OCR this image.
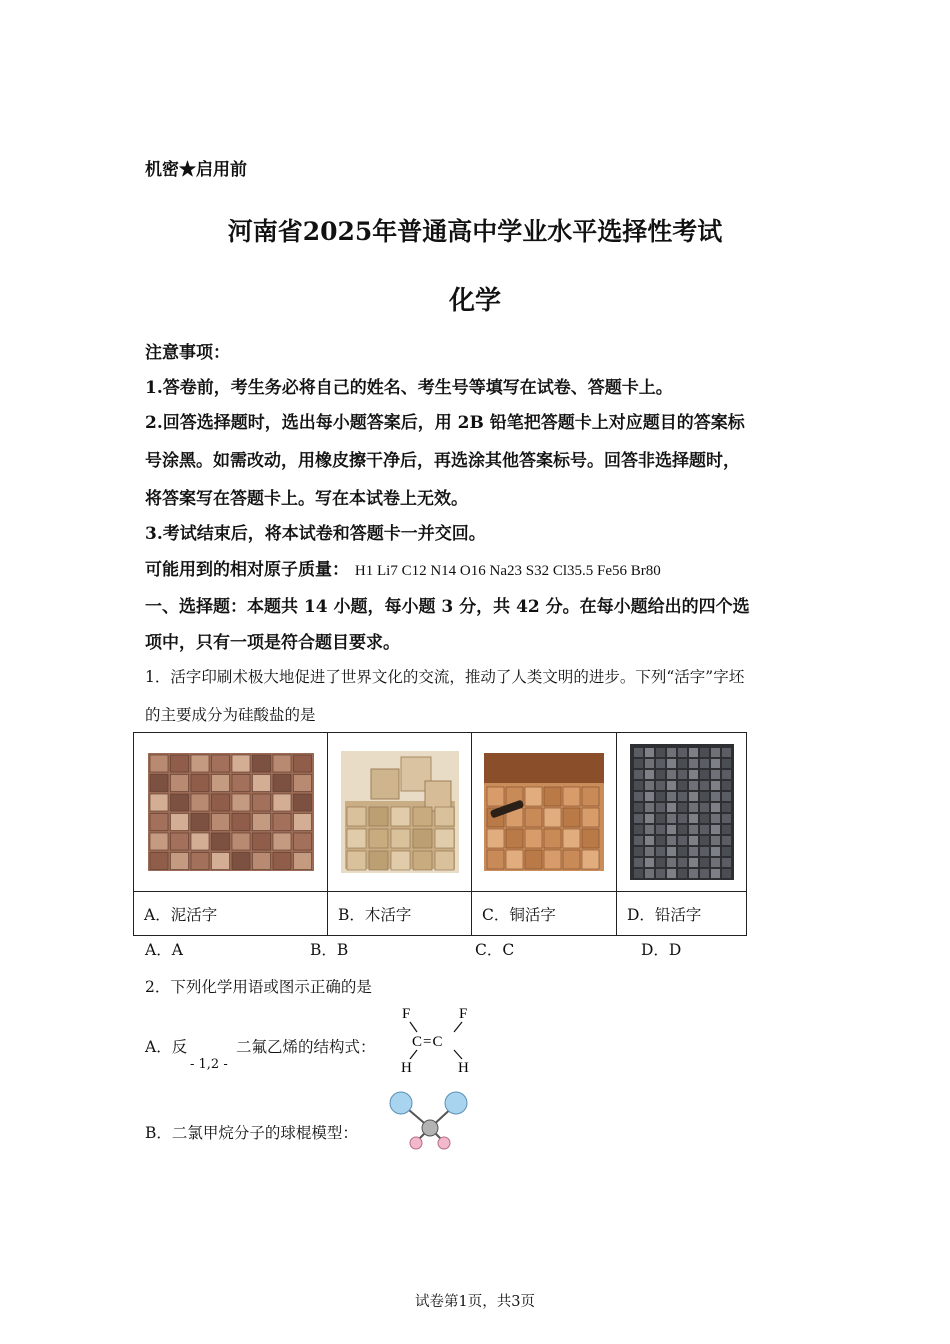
机密★启用前
河南省2025年普通高中学业水平选择性考试
化学
注意事项：
1.答卷前，考生务必将自己的姓名、考生号等填写在试卷、答题卡上。
2.回答选择题时，选出每小题答案后，用 2B 铅笔把答题卡上对应题目的答案标
号涂黑。如需改动，用橡皮擦干净后，再选涂其他答案标号。回答非选择题时，
将答案写在答题卡上。写在本试卷上无效。
3.考试结束后，将本试卷和答题卡一并交回。
可能用到的相对原子质量： H1 Li7 C12 N14 O16 Na23 S32 Cl35.5 Fe56 Br80
一、选择题：本题共 14 小题，每小题 3 分，共 42 分。在每小题给出的四个选
项中，只有一项是符合题目要求。
1．活字印刷术极大地促进了世界文化的交流，推动了人类文明的进步。下列“活字”字坯
的主要成分为硅酸盐的是

A．泥活字	B．木活字	C．铜活字	D．铅活字
A．A	B．B	C．C	D．D
2．下列化学用语或图示正确的是
A．反
- 1,2 -
二氟乙烯的结构式：
F	F
C=C
H	H
B．二氯甲烷分子的球棍模型：
试卷第1页，共3页
